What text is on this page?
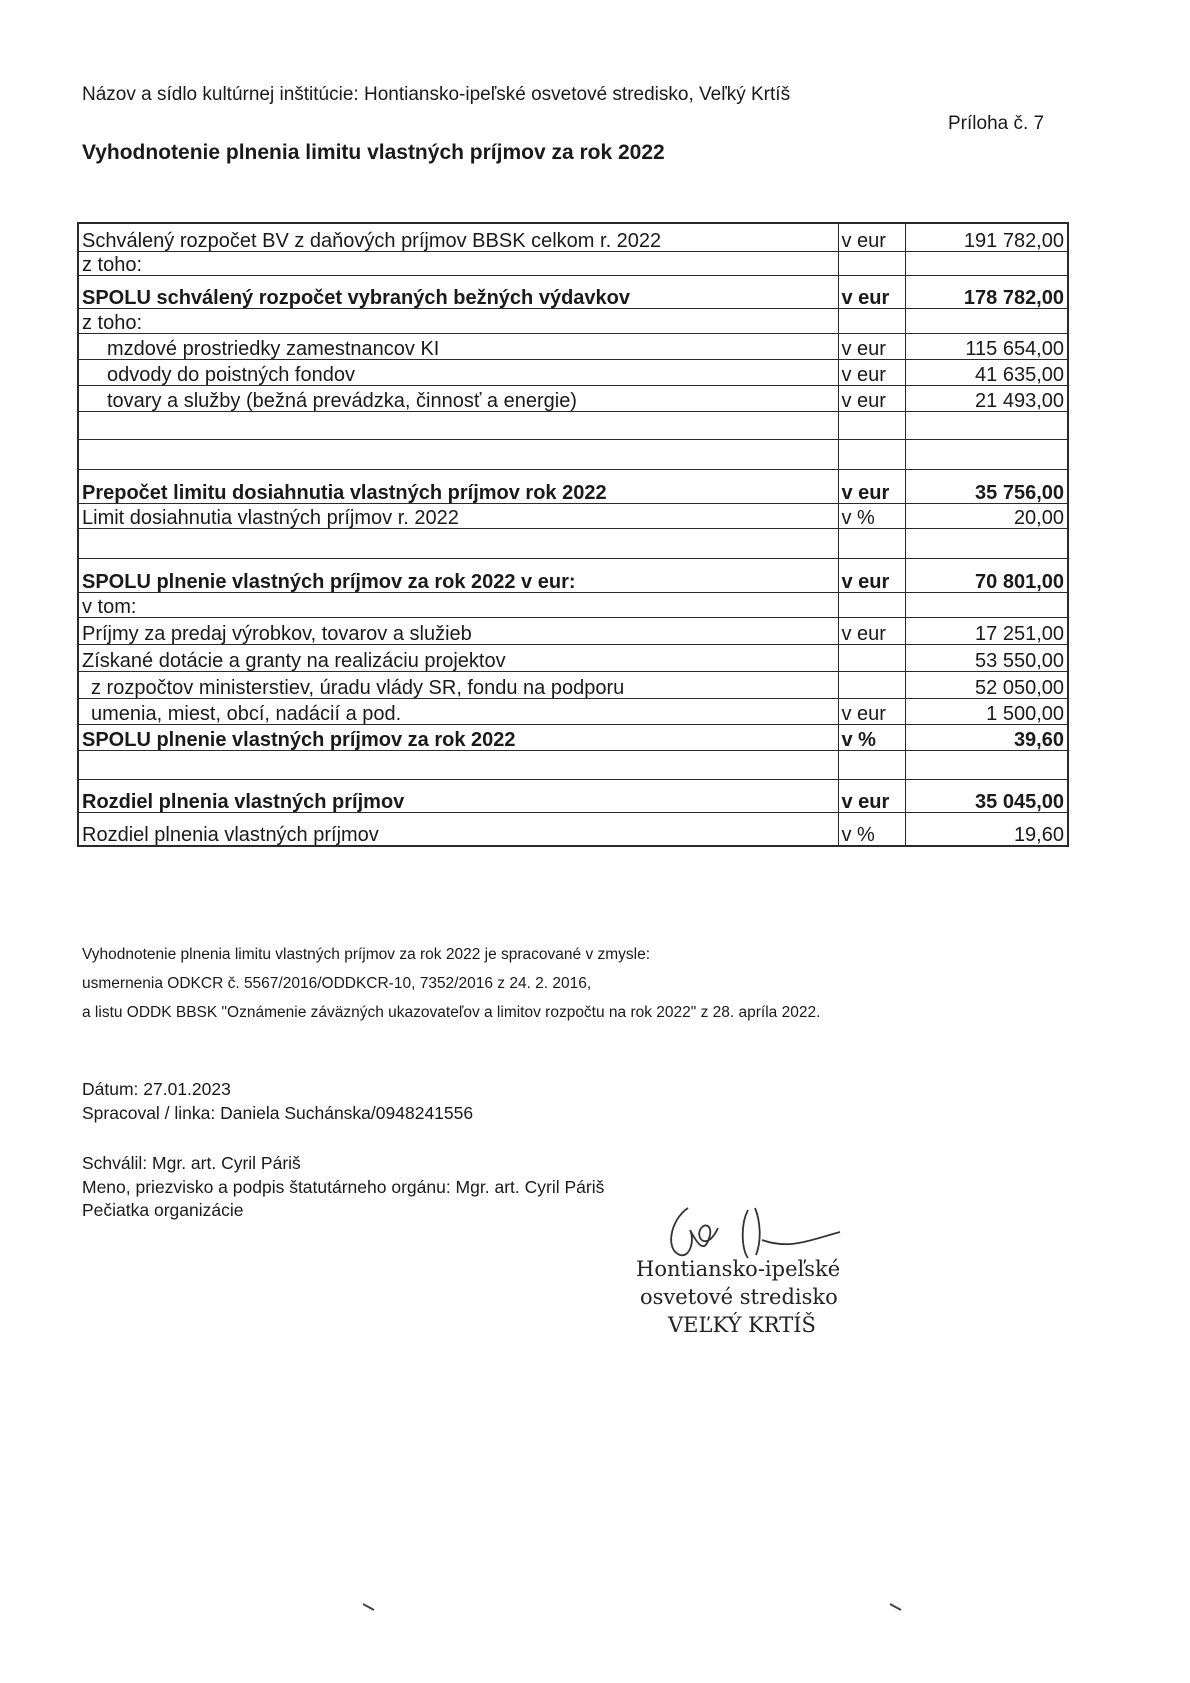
Názov a sídlo kultúrnej inštitúcie: Hontiansko-ipeľské osvetové stredisko, Veľký Krtíš
Príloha č. 7
Vyhodnotenie plnenia limitu vlastných príjmov za rok 2022
Schválený rozpočet BV z daňových príjmov BBSK celkom r. 2022	v eur	191 782,00
z toho:		
SPOLU schválený rozpočet vybraných bežných výdavkov	v eur	178 782,00
z toho:		
mzdové prostriedky zamestnancov KI	v eur	115 654,00
odvody do poistných fondov	v eur	41 635,00
tovary a služby (bežná prevádzka, činnosť a energie)	v eur	21 493,00

Prepočet limitu dosiahnutia vlastných príjmov rok 2022	v eur	35 756,00
Limit dosiahnutia vlastných príjmov r. 2022	v %	20,00

SPOLU plnenie vlastných príjmov za rok 2022 v eur:	v eur	70 801,00
v tom:		
Príjmy za predaj výrobkov, tovarov a služieb	v eur	17 251,00
Získané dotácie a granty na realizáciu projektov		53 550,00
z rozpočtov ministerstiev, úradu vlády SR, fondu na podporu		52 050,00
umenia, miest, obcí, nadácií a pod.	v eur	1 500,00
SPOLU plnenie vlastných príjmov za rok 2022	v %	39,60

Rozdiel plnenia vlastných príjmov	v eur	35 045,00
Rozdiel plnenia vlastných príjmov	v %	19,60
Vyhodnotenie plnenia limitu vlastných príjmov za rok 2022 je spracované v zmysle:
usmernenia ODKCR č. 5567/2016/ODDKCR-10, 7352/2016 z 24. 2. 2016,
a listu ODDK BBSK "Oznámenie záväzných ukazovateľov a limitov rozpočtu na rok 2022" z 28. apríla 2022.
Dátum: 27.01.2023
Spracoval / linka: Daniela Suchánska/0948241556
Schválil: Mgr. art. Cyril Páriš
Meno, priezvisko a podpis štatutárneho orgánu: Mgr. art. Cyril Páriš
Pečiatka organizácie
Hontiansko-ipeľské
osvetové stredisko
VEĽKÝ KRTÍŠ
